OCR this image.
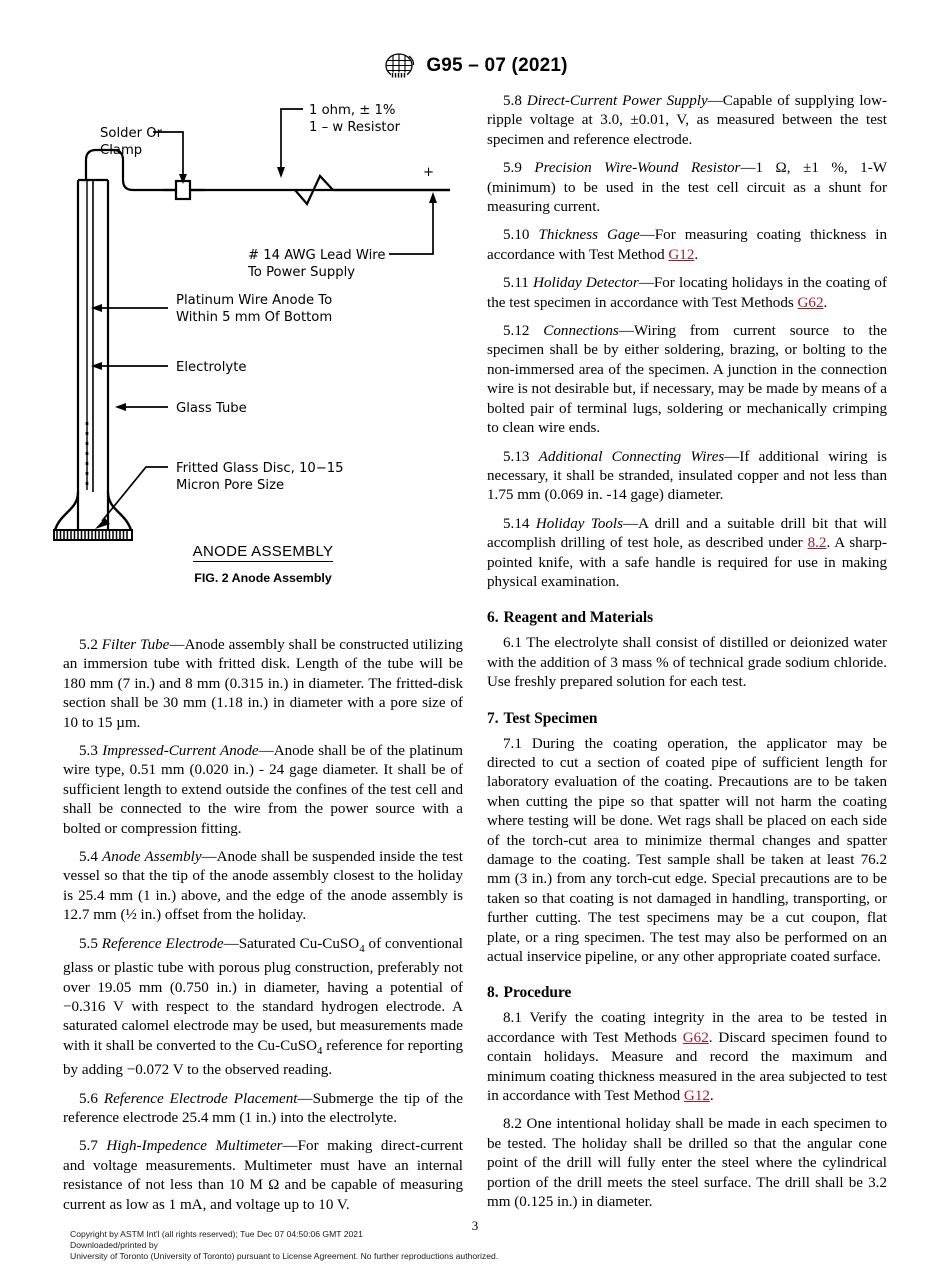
G95 – 07 (2021)
Solder Or
Clamp
1 ohm, ± 1%
1 – w Resistor
+
# 14 AWG Lead Wire
To Power Supply
Platinum Wire Anode To
Within 5 mm Of Bottom
Electrolyte
Glass Tube
Fritted Glass Disc, 10−15
Micron Pore Size
ANODE ASSEMBLY
FIG. 2 Anode Assembly

5.2 Filter Tube—Anode assembly shall be constructed utilizing an immersion tube with fritted disk. Length of the tube will be 180 mm (7 in.) and 8 mm (0.315 in.) in diameter. The fritted-disk section shall be 30 mm (1.18 in.) in diameter with a pore size of 10 to 15 µm.

5.3 Impressed-Current Anode—Anode shall be of the platinum wire type, 0.51 mm (0.020 in.) - 24 gage diameter. It shall be of sufficient length to extend outside the confines of the test cell and shall be connected to the wire from the power source with a bolted or compression fitting.

5.4 Anode Assembly—Anode shall be suspended inside the test vessel so that the tip of the anode assembly closest to the holiday is 25.4 mm (1 in.) above, and the edge of the anode assembly is 12.7 mm (½ in.) offset from the holiday.

5.5 Reference Electrode—Saturated Cu-CuSO$_4$ of conventional glass or plastic tube with porous plug construction, preferably not over 19.05 mm (0.750 in.) in diameter, having a potential of −0.316 V with respect to the standard hydrogen electrode. A saturated calomel electrode may be used, but measurements made with it shall be converted to the Cu-CuSO$_4$ reference for reporting by adding −0.072 V to the observed reading.

5.6 Reference Electrode Placement—Submerge the tip of the reference electrode 25.4 mm (1 in.) into the electrolyte.

5.7 High-Impedence Multimeter—For making direct-current and voltage measurements. Multimeter must have an internal resistance of not less than 10 M Ω and be capable of measuring current as low as 1 mA, and voltage up to 10 V.

5.8 Direct-Current Power Supply—Capable of supplying low-ripple voltage at 3.0, ±0.01, V, as measured between the test specimen and reference electrode.

5.9 Precision Wire-Wound Resistor—1 Ω, ±1 %, 1-W (minimum) to be used in the test cell circuit as a shunt for measuring current.

5.10 Thickness Gage—For measuring coating thickness in accordance with Test Method G12.

5.11 Holiday Detector—For locating holidays in the coating of the test specimen in accordance with Test Methods G62.

5.12 Connections—Wiring from current source to the specimen shall be by either soldering, brazing, or bolting to the non-immersed area of the specimen. A junction in the connection wire is not desirable but, if necessary, may be made by means of a bolted pair of terminal lugs, soldering or mechanically crimping to clean wire ends.

5.13 Additional Connecting Wires—If additional wiring is necessary, it shall be stranded, insulated copper and not less than 1.75 mm (0.069 in. -14 gage) diameter.

5.14 Holiday Tools—A drill and a suitable drill bit that will accomplish drilling of test hole, as described under 8.2. A sharp-pointed knife, with a safe handle is required for use in making physical examination.

6. Reagent and Materials

6.1 The electrolyte shall consist of distilled or deionized water with the addition of 3 mass % of technical grade sodium chloride. Use freshly prepared solution for each test.

7. Test Specimen

7.1 During the coating operation, the applicator may be directed to cut a section of coated pipe of sufficient length for laboratory evaluation of the coating. Precautions are to be taken when cutting the pipe so that spatter will not harm the coating where testing will be done. Wet rags shall be placed on each side of the torch-cut area to minimize thermal changes and spatter damage to the coating. Test sample shall be taken at least 76.2 mm (3 in.) from any torch-cut edge. Special precautions are to be taken so that coating is not damaged in handling, transporting, or further cutting. The test specimens may be a cut coupon, flat plate, or a ring specimen. The test may also be performed on an actual inservice pipeline, or any other appropriate coated surface.

8. Procedure

8.1 Verify the coating integrity in the area to be tested in accordance with Test Methods G62. Discard specimen found to contain holidays. Measure and record the maximum and minimum coating thickness measured in the area subjected to test in accordance with Test Method G12.

8.2 One intentional holiday shall be made in each specimen to be tested. The holiday shall be drilled so that the angular cone point of the drill will fully enter the steel where the cylindrical portion of the drill meets the steel surface. The drill shall be 3.2 mm (0.125 in.) in diameter.

3
Copyright by ASTM Int'l (all rights reserved); Tue Dec 07 04:50:06 GMT 2021
Downloaded/printed by
University of Toronto (University of Toronto) pursuant to License Agreement. No further reproductions authorized.
